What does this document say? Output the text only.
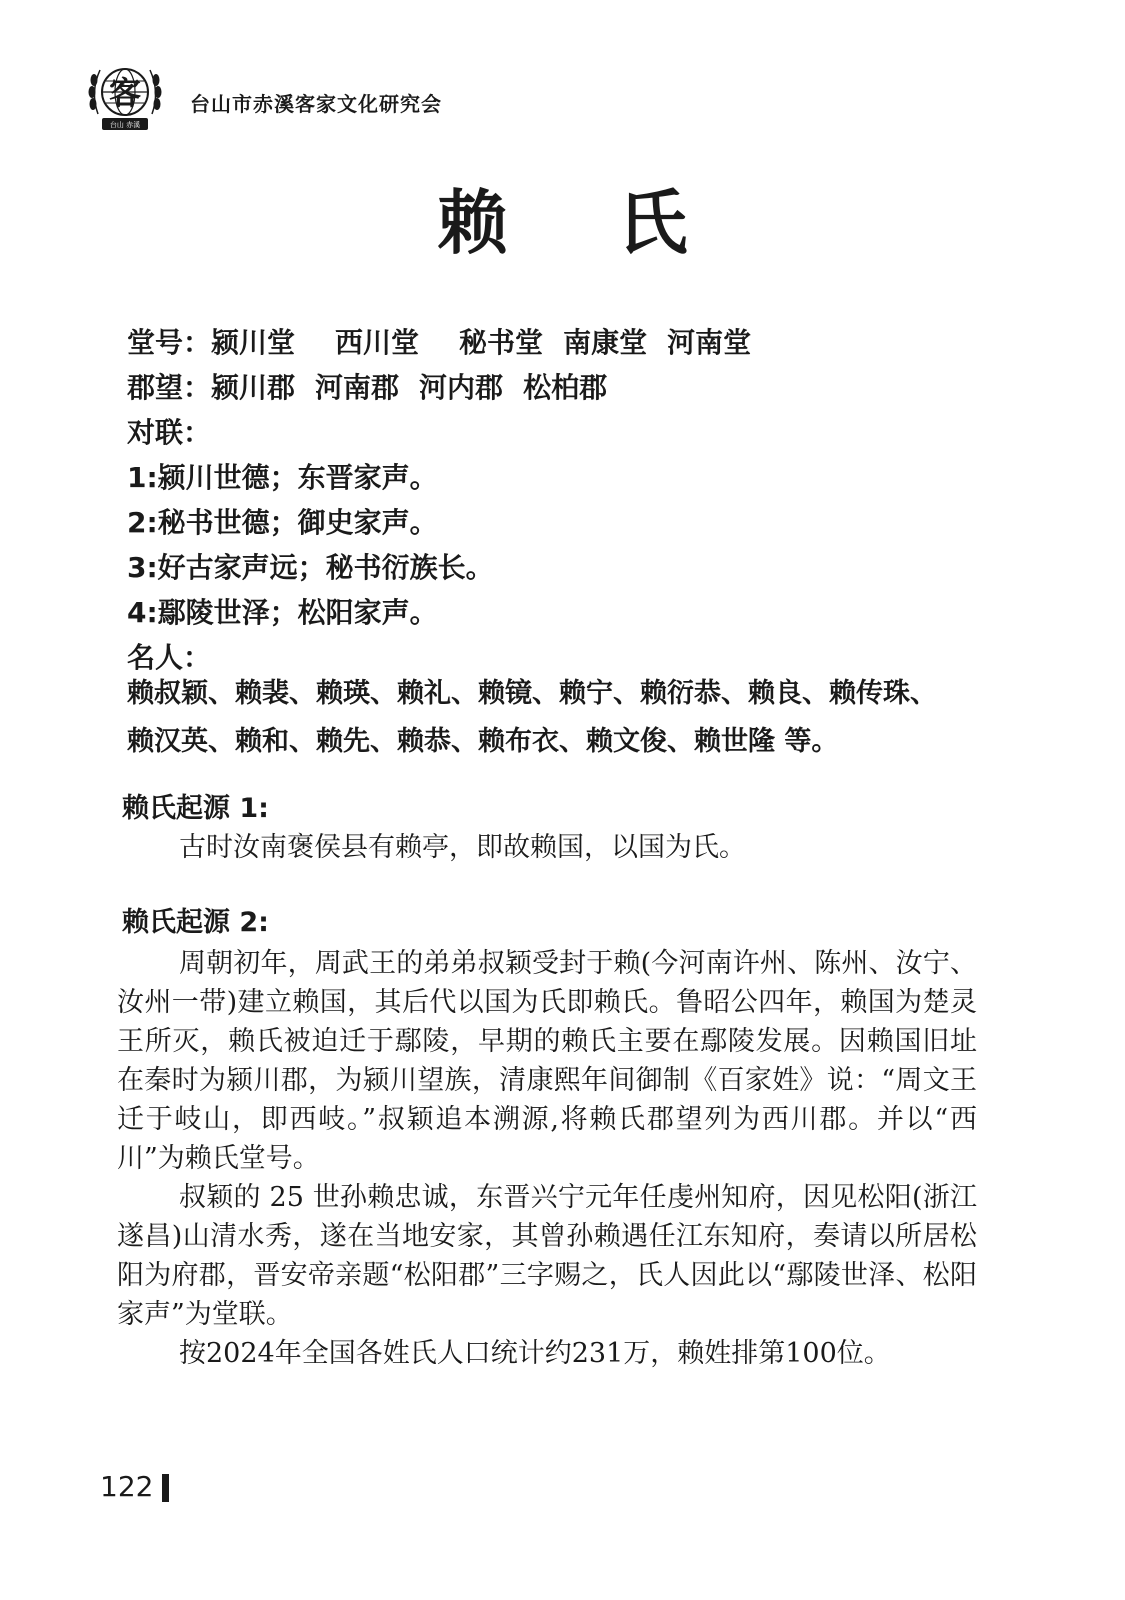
客
台山 赤溪
台山市赤溪客家文化研究会
赖 氏
堂号：颍川堂 西川堂 秘书堂 南康堂 河南堂
郡望：颍川郡 河南郡 河内郡 松柏郡
对联：
1:颍川世德；东晋家声。
2:秘书世德；御史家声。
3:好古家声远；秘书衍族长。
4:鄢陵世泽；松阳家声。
名人：
赖叔颖、赖裴、赖瑛、赖礼、赖镜、赖宁、赖衍恭、赖良、赖传珠、
赖汉英、赖和、赖先、赖恭、赖布衣、赖文俊、赖世隆 等。
赖氏起源 1:

古时汝南褒侯县有赖亭，即故赖国，以国为氏。

赖氏起源 2:

周朝初年，周武王的弟弟叔颖受封于赖(今河南许州、陈州、汝宁、汝州一带)建立赖国，其后代以国为氏即赖氏。鲁昭公四年，赖国为楚灵王所灭，赖氏被迫迁于鄢陵，早期的赖氏主要在鄢陵发展。因赖国旧址在秦时为颍川郡，为颍川望族，清康熙年间御制《百家姓》说：“周文王迁于岐山，即西岐。”叔颖追本溯源,将赖氏郡望列为西川郡。并以“西川”为赖氏堂号。

叔颖的 25 世孙赖忠诚，东晋兴宁元年任虔州知府，因见松阳(浙江遂昌)山清水秀，遂在当地安家，其曾孙赖遇任江东知府，奏请以所居松阳为府郡，晋安帝亲题“松阳郡”三字赐之，氏人因此以“鄢陵世泽、松阳家声”为堂联。

按2024年全国各姓氏人口统计约231万，赖姓排第100位。

122
